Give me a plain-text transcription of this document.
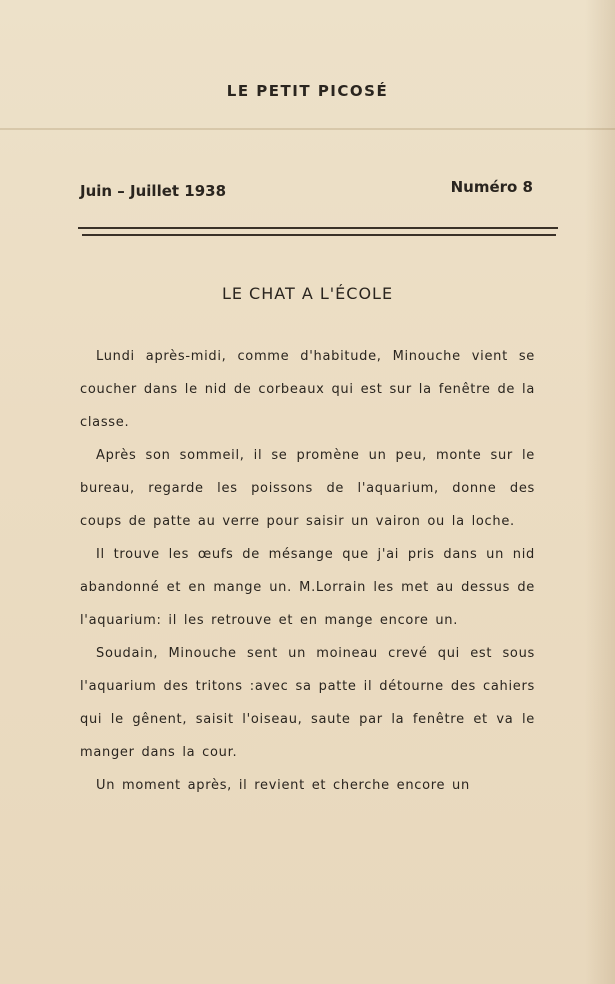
LE PETIT PICOSÉ
Juin – Juillet 1938	Numéro 8
LE CHAT A L'ÉCOLE

Lundi après-midi, comme d'habitude, Minouche vient se coucher dans le nid de corbeaux qui est sur la fenêtre de la classe.

Après son sommeil, il se promène un peu, monte sur le bureau, regarde les poissons de l'aquarium, donne des coups de patte au verre pour saisir un vairon ou la loche.

Il trouve les œufs de mésange que j'ai pris dans un nid abandonné et en mange un. M.Lorrain les met au dessus de l'aquarium: il les retrouve et en mange encore un.

Soudain, Minouche sent un moineau crevé qui est sous l'aquarium des tritons :avec sa patte il détourne des cahiers qui le gênent, saisit l'oiseau, saute par la fenêtre et va le manger dans la cour.

Un moment après, il revient et cherche encore un
